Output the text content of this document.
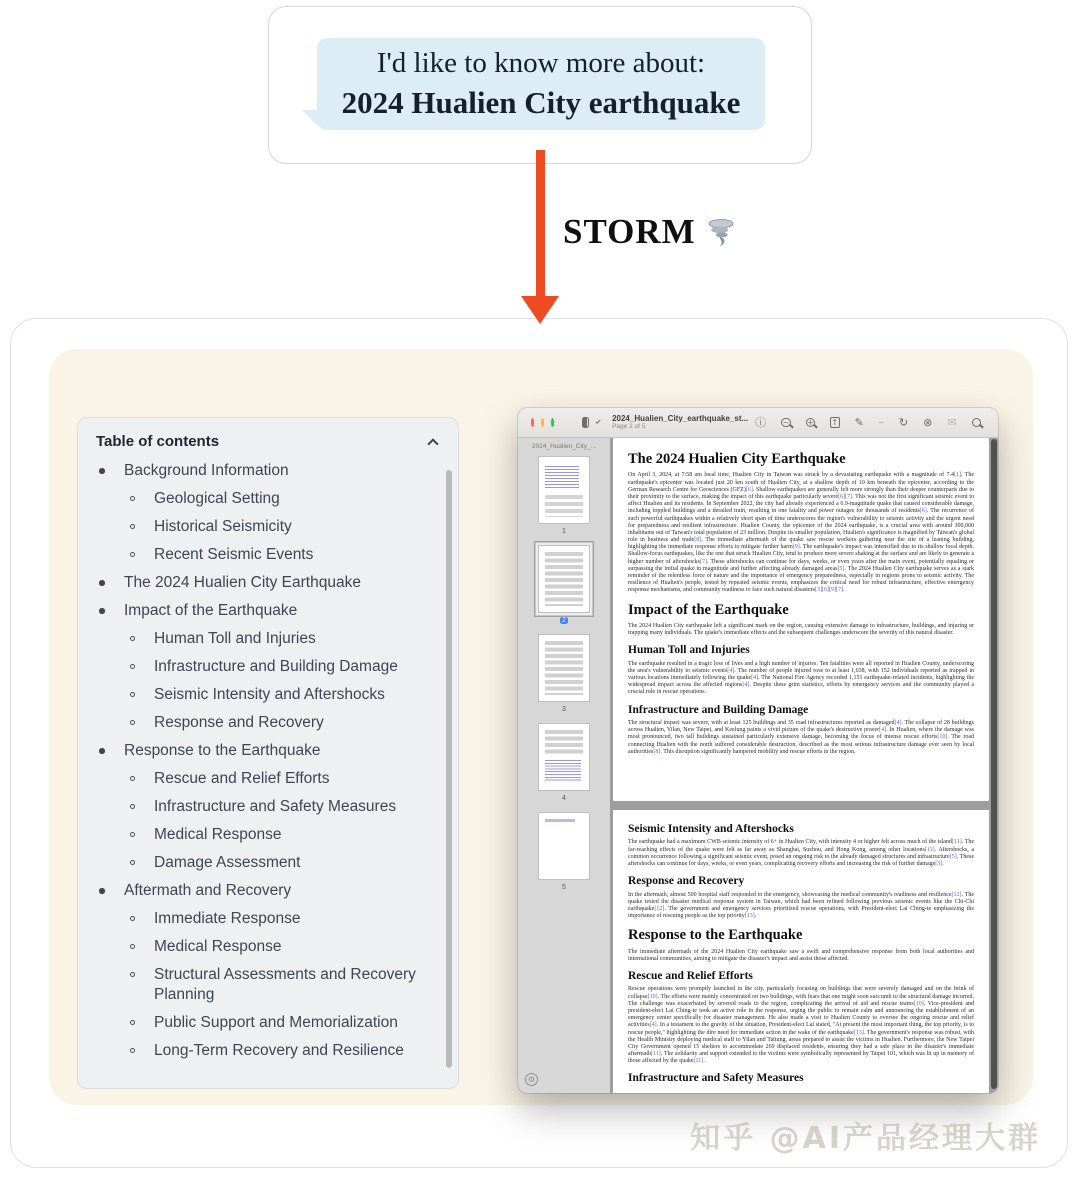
I'd like to know more about:
2024 Hualien City earthquake
STORM
Table of contents
Background Information
Geological Setting
Historical Seismicity
Recent Seismic Events
The 2024 Hualien City Earthquake
Impact of the Earthquake
Human Toll and Injuries
Infrastructure and Building Damage
Seismic Intensity and Aftershocks
Response and Recovery
Response to the Earthquake
Rescue and Relief Efforts
Infrastructure and Safety Measures
Medical Response
Damage Assessment
Aftermath and Recovery
Immediate Response
Medical Response
Structural Assessments and Recovery Planning
Public Support and Memorialization
Long-Term Recovery and Resilience
2024_Hualien_City_earthquake_st...
Page 2 of 5	ⓘ − + ↑ ✎ – ↻ ⊗ ✉
2024_Hualien_City_...
1
2
3
4
5
⚙
The 2024 Hualien City Earthquake
On April 3, 2024, at 7:58 am local time, Hualien City in Taiwan was struck by a devastating earthquake with a magnitude of 7.4[1]. The earthquake's epicenter was located just 20 km south of Hualien City, at a shallow depth of 10 km beneath the epicenter, according to the German Research Centre for Geosciences (GFZ)[6]. Shallow earthquakes are generally felt more strongly than their deeper counterparts due to their proximity to the surface, making the impact of this earthquake particularly severe[6][7]. This was not the first significant seismic event to affect Hualien and its residents. In September 2022, the city had already experienced a 6.9-magnitude quake that caused considerable damage, including toppled buildings and a derailed train, resulting in one fatality and power outages for thousands of residents[6]. The recurrence of such powerful earthquakes within a relatively short span of time underscores the region's vulnerability to seismic activity and the urgent need for preparedness and resilient infrastructure. Hualien County, the epicenter of the 2024 earthquake, is a crucial area with around 300,000 inhabitants out of Taiwan's total population of 23 million. Despite its smaller population, Hualien's significance is magnified by Taiwan's global role in business and trade[8]. The immediate aftermath of the quake saw rescue workers gathering near the site of a leaning building, highlighting the immediate response efforts to mitigate further harm[9]. The earthquake's impact was intensified due to its shallow focal depth. Shallow-focus earthquakes, like the one that struck Hualien City, tend to produce more severe shaking at the surface and are likely to generate a higher number of aftershocks[7]. These aftershocks can continue for days, weeks, or even years after the main event, potentially equaling or surpassing the initial quake in magnitude and further affecting already damaged areas[5]. The 2024 Hualien City earthquake serves as a stark reminder of the relentless force of nature and the importance of emergency preparedness, especially in regions prone to seismic activity. The resilience of Hualien's people, tested by repeated seismic events, emphasizes the critical need for robust infrastructure, effective emergency response mechanisms, and community readiness to face such natural disasters[3][6][9][7].
Impact of the Earthquake
The 2024 Hualien City earthquake left a significant mark on the region, causing extensive damage to infrastructure, buildings, and injuring or trapping many individuals. The quake's immediate effects and the subsequent challenges underscore the severity of this natural disaster.
Human Toll and Injuries
The earthquake resulted in a tragic loss of lives and a high number of injuries. Ten fatalities were all reported in Hualien County, underscoring the area's vulnerability to seismic events[4]. The number of people injured rose to at least 1,038, with 152 individuals reported as trapped in various locations immediately following the quake[4]. The National Fire Agency recorded 1,151 earthquake-related incidents, highlighting the widespread impact across the affected regions[4]. Despite these grim statistics, efforts by emergency services and the community played a crucial role in rescue operations.
Infrastructure and Building Damage
The structural impact was severe, with at least 125 buildings and 35 road infrastructures reported as damaged[4]. The collapse of 28 buildings across Hualien, Yilan, New Taipei, and Keelung paints a vivid picture of the quake's destructive power[4]. In Hualien, where the damage was most pronounced, two tall buildings sustained particularly extensive damage, becoming the focus of intense rescue efforts[10]. The road connecting Hualien with the north suffered considerable destruction, described as the most serious infrastructure damage ever seen by local authorities[8]. This disruption significantly hampered mobility and rescue efforts in the region.
Seismic Intensity and Aftershocks
The earthquake had a maximum CWB seismic intensity of 6+ in Hualien City, with intensity 4 or higher felt across much of the island[11]. The far-reaching effects of the quake were felt as far away as Shanghai, Suzhou, and Hong Kong, among other locations[11]. Aftershocks, a common occurrence following a significant seismic event, posed an ongoing risk to the already damaged structures and infrastructure[5]. These aftershocks can continue for days, weeks, or even years, complicating recovery efforts and increasing the risk of further damage[3].
Response and Recovery
In the aftermath, almost 500 hospital staff responded to the emergency, showcasing the medical community's readiness and resilience[12]. The quake tested the disaster medical response system in Taiwan, which had been refined following previous seismic events like the Chi-Chi earthquake[12]. The government and emergency services prioritized rescue operations, with President-elect Lai Ching-te emphasizing the importance of rescuing people as the top priority[13].
Response to the Earthquake
The immediate aftermath of the 2024 Hualien City earthquake saw a swift and comprehensive response from both local authorities and international communities, aiming to mitigate the disaster's impact and assist those affected.
Rescue and Relief Efforts
Rescue operations were promptly launched in the city, particularly focusing on buildings that were severely damaged and on the brink of collapse[10]. The efforts were mainly concentrated on two buildings, with fears that one might soon succumb to the structural damage incurred. The challenge was exacerbated by severed roads to the region, complicating the arrival of aid and rescue teams[10]. Vice-president and president-elect Lai Ching-te took an active role in the response, urging the public to remain calm and announcing the establishment of an emergency center specifically for disaster management. He also made a visit to Hualien County to oversee the ongoing rescue and relief activities[4]. In a testament to the gravity of the situation, President-elect Lai stated, "At present the most important thing, the top priority, is to rescue people," highlighting the dire need for immediate action in the wake of the earthquake[13]. The government's response was robust, with the Health Ministry deploying medical staff to Yilan and Taitung, areas prepared to assist the victims in Hualien. Furthermore, the New Taipei City Government opened 15 shelters to accommodate 269 displaced residents, ensuring they had a safe place in the disaster's immediate aftermath[11]. The solidarity and support extended to the victims were symbolically represented by Taipei 101, which was lit up in memory of those affected by the quake[11].
Infrastructure and Safety Measures
知乎 @AI产品经理大群
